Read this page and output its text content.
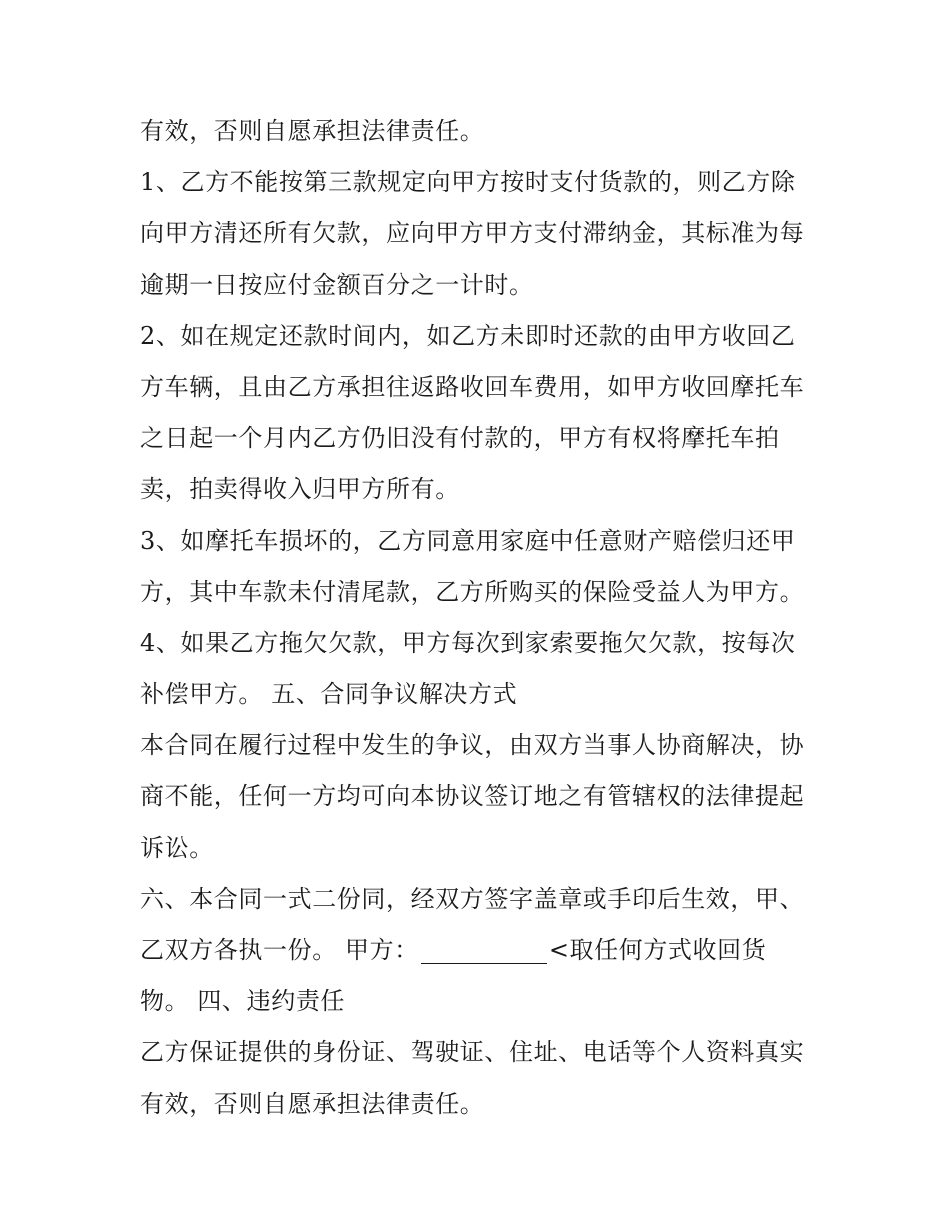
有效，否则自愿承担法律责任。
1、乙方不能按第三款规定向甲方按时支付货款的，则乙方除
向甲方清还所有欠款，应向甲方甲方支付滞纳金，其标准为每
逾期一日按应付金额百分之一计时。
2、如在规定还款时间内，如乙方未即时还款的由甲方收回乙
方车辆，且由乙方承担往返路收回车费用，如甲方收回摩托车
之日起一个月内乙方仍旧没有付款的，甲方有权将摩托车拍
卖，拍卖得收入归甲方所有。
3、如摩托车损坏的，乙方同意用家庭中任意财产赔偿归还甲
方，其中车款未付清尾款，乙方所购买的保险受益人为甲方。
4、如果乙方拖欠欠款，甲方每次到家索要拖欠欠款，按每次
补偿甲方。 五、合同争议解决方式
本合同在履行过程中发生的争议，由双方当事人协商解决，协
商不能，任何一方均可向本协议签订地之有管辖权的法律提起
诉讼。
六、本合同一式二份同，经双方签字盖章或手印后生效，甲、
乙双方各执一份。 甲方：	<取任何方式收回货
物。 四、违约责任
乙方保证提供的身份证、驾驶证、住址、电话等个人资料真实
有效，否则自愿承担法律责任。
